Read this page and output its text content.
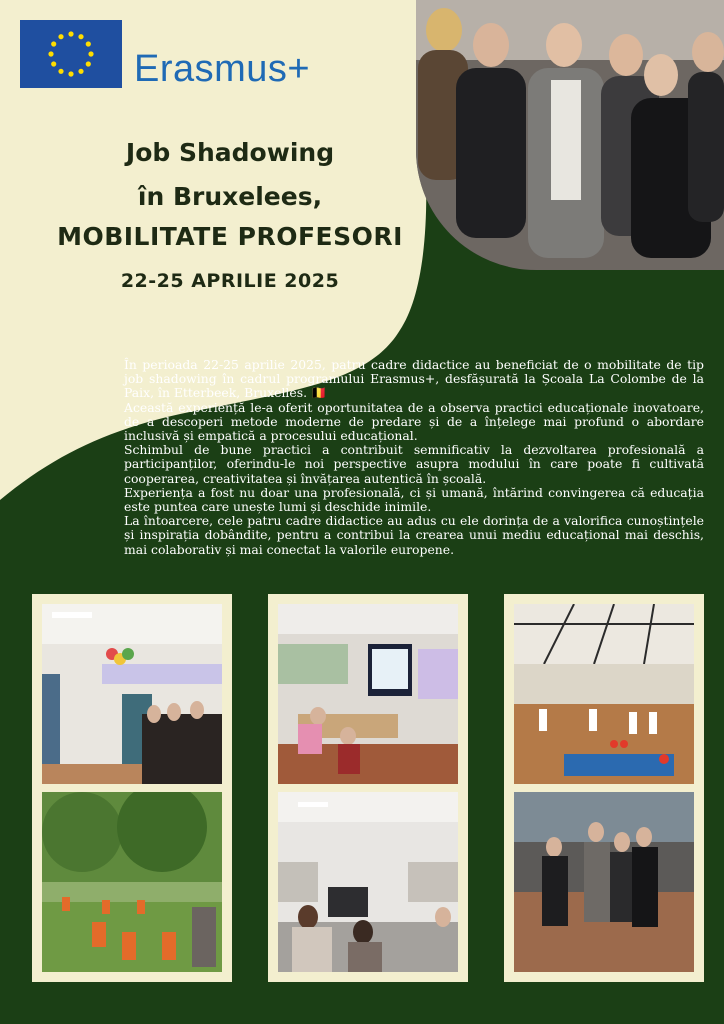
Erasmus+
Job Shadowing
în Bruxelees,
MOBILITATE PROFESORI
22-25 APRILIE 2025

În perioada 22-25 aprilie 2025, patru cadre didactice au beneficiat de o mobilitate de tip job shadowing în cadrul programului Erasmus+, desfășurată la Școala La Colombe de la Paix, în Etterbeek, Bruxelles. 🇧🇪

Această experiență le-a oferit oportunitatea de a observa practici educaționale inovatoare, de a descoperi metode moderne de predare și de a înțelege mai profund o abordare inclusivă și empatică a procesului educațional.

Schimbul de bune practici a contribuit semnificativ la dezvoltarea profesională a participanților, oferindu-le noi perspective asupra modului în care poate fi cultivată cooperarea, creativitatea și învățarea autentică în școală.

Experiența a fost nu doar una profesională, ci și umană, întărind convingerea că educația este puntea care unește lumi și deschide inimile.

La întoarcere, cele patru cadre didactice au adus cu ele dorința de a valorifica cunoștințele și inspirația dobândite, pentru a contribui la crearea unui mediu educațional mai deschis, mai colaborativ și mai conectat la valorile europene.
